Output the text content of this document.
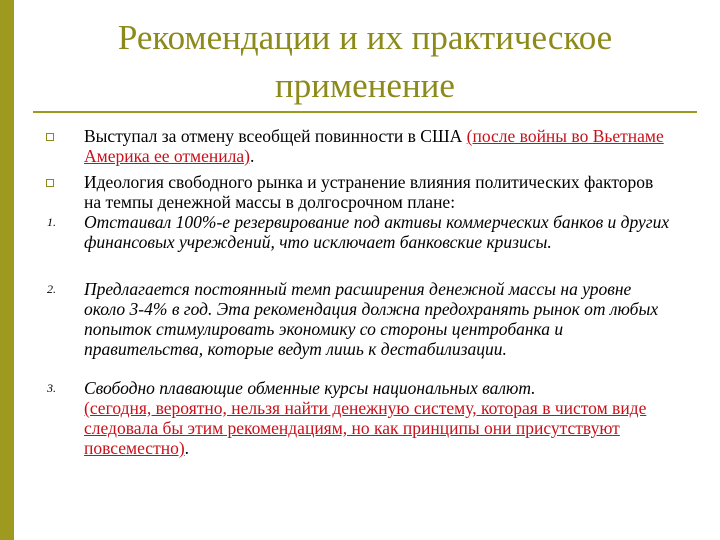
Рекомендации и их практическое
применение
Выступал за отмену всеобщей повинности в США (после войны во Вьетнаме Америка ее отменила).
Идеология свободного рынка и устранение влияния политических факторов на темпы денежной массы в долгосрочном плане:
1. Отстаивал 100%-е резервирование под активы коммерческих банков и других финансовых учреждений, что исключает банковские кризисы.
2. Предлагается постоянный темп расширения денежной массы на уровне около 3-4% в год. Эта рекомендация должна предохранять рынок от любых попыток стимулировать экономику со стороны центробанка и правительства, которые ведут лишь к дестабилизации.
3. Свободно плавающие обменные курсы национальных валют.
(сегодня, вероятно, нельзя найти денежную систему, которая в чистом виде следовала бы этим рекомендациям, но как принципы они присутствуют повсеместно).
